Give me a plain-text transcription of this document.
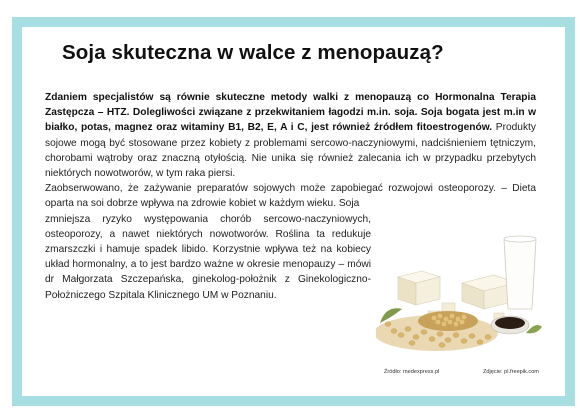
Soja skuteczna w walce z menopauzą?

Zdaniem specjalistów są równie skuteczne metody walki z menopauzą co Hormonalna Terapia Zastępcza – HTZ. Dolegliwości związane z przekwitaniem łagodzi m.in. soja. Soja bogata jest m.in w białko, potas, magnez oraz witaminy B1, B2, E, A i C, jest również źródłem fitoestrogenów. Produkty sojowe mogą być stosowane przez kobiety z problemami sercowo-naczyniowymi, nadciśnieniem tętniczym, chorobami wątroby oraz znaczną otyłością. Nie unika się również zalecania ich w przypadku przebytych niektórych nowotworów, w tym raka piersi.

Zaobserwowano, że zażywanie preparatów sojowych może zapobiegać rozwojowi osteoporozy. – Dieta oparta na soi dobrze wpływa na zdrowie kobiet w każdym wieku. Soja

zmniejsza ryzyko występowania chorób sercowo-naczyniowych, osteoporozy, a nawet niektórych nowotworów. Roślina ta redukuje zmarszczki i hamuje spadek libido. Korzystnie wpływa też na kobiecy układ hormonalny, a to jest bardzo ważne w okresie menopauzy – mówi dr Małgorzata Szczepańska, ginekolog-położnik z Ginekologiczno-Położniczego Szpitala Klinicznego UM w Poznaniu.

Źródło: medexpress.pl	Zdjęcie: pl.freepik.com
